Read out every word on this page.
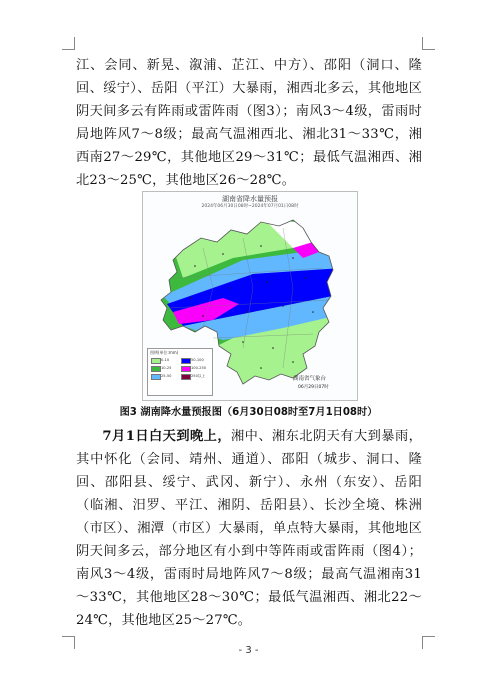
江、会同、新晃、溆浦、芷江、中方）、邵阳（洞口、隆回、绥宁）、岳阳（平江）大暴雨，湘西北多云，其他地区阴天间多云有阵雨或雷阵雨（图3）；南风3～4级，雷雨时局地阵风7～8级；最高气温湘西北、湘北31～33℃，湘西南27～29℃，其他地区29～31℃；最低气温湘西、湘北23～25℃，其他地区26～28℃。
湖南省降水量预报
2024年06月30日08时~2024年07月01日08时
图例(单位:mm)
0-10
10-25
25-50
50-100
100-250
250以上	湖南省气象台
06月29日07时
图3 湖南降水量预报图（6月30日08时至7月1日08时）
7月1日白天到晚上，湘中、湘东北阴天有大到暴雨，其中怀化（会同、靖州、通道）、邵阳（城步、洞口、隆回、邵阳县、绥宁、武冈、新宁）、永州（东安）、岳阳（临湘、汨罗、平江、湘阴、岳阳县）、长沙全境、株洲（市区）、湘潭（市区）大暴雨，单点特大暴雨，其他地区阴天间多云，部分地区有小到中等阵雨或雷阵雨（图4）；南风3～4级，雷雨时局地阵风7～8级；最高气温湘南31～33℃，其他地区28～30℃；最低气温湘西、湘北22～24℃，其他地区25～27℃。
- 3 -
